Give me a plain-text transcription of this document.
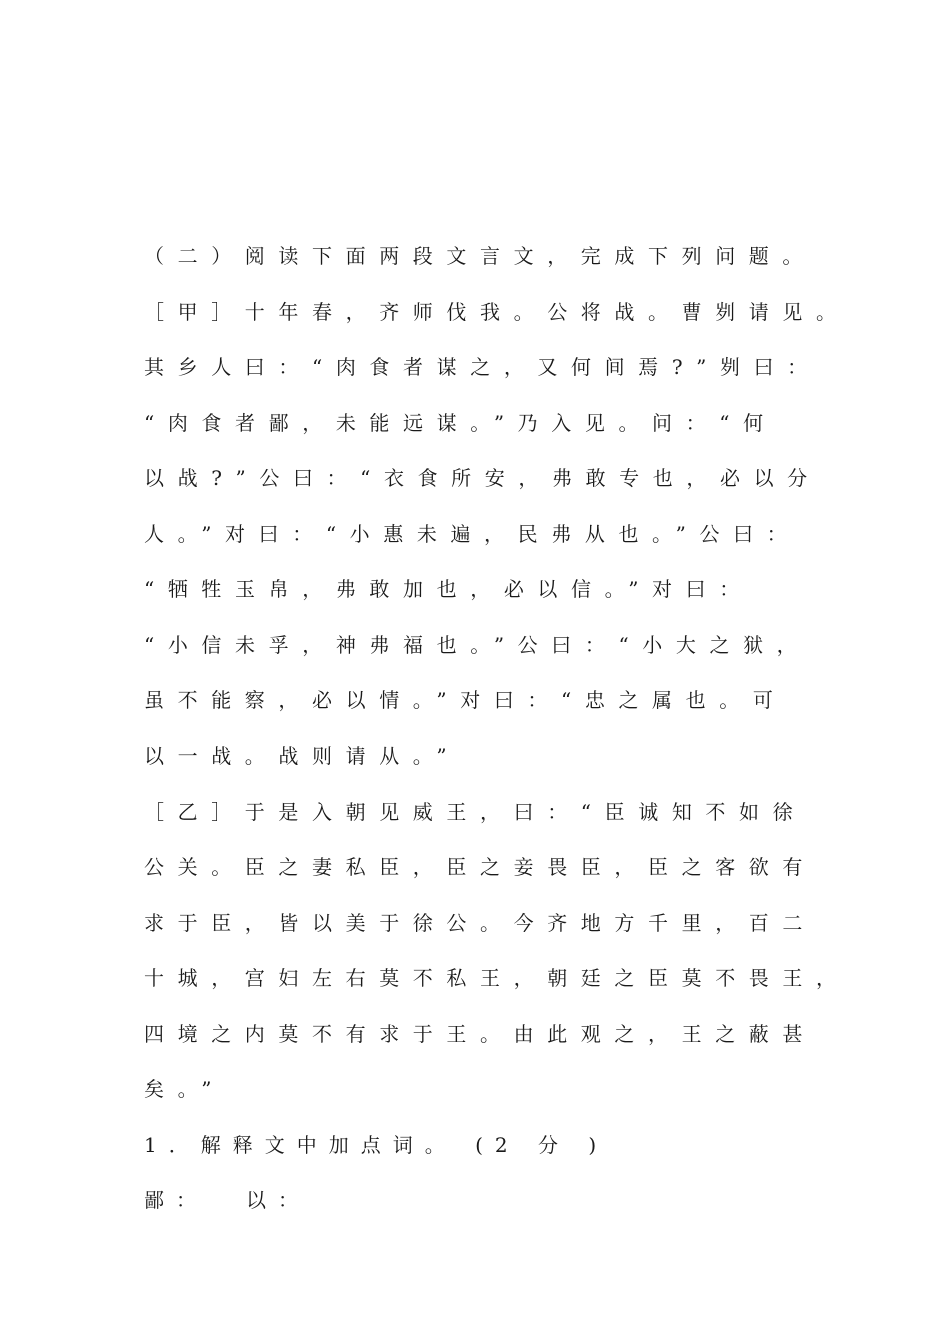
（二）阅读下面两段文言文，完成下列问题。
［甲］十年春，齐师伐我。公将战。曹刿请见。
其乡人曰：“肉食者谋之，又何间焉?”刿曰：
“肉食者鄙，未能远谋。”乃入见。问：“何
以战?”公曰：“衣食所安，弗敢专也，必以分
人。”对曰：“小惠未遍，民弗从也。”公曰：
“牺牲玉帛，弗敢加也，必以信。”对曰：
“小信未孚，神弗福也。”公曰：“小大之狱，
虽不能察，必以情。”对曰：“忠之属也。可
以一战。战则请从。”
［乙］于是入朝见威王，曰：“臣诚知不如徐
公关。臣之妻私臣，臣之妾畏臣，臣之客欲有
求于臣，皆以美于徐公。今齐地方千里，百二
十城，宫妇左右莫不私王，朝廷之臣莫不畏王，
四境之内莫不有求于王。由此观之，王之蔽甚
矣。”
1．解释文中加点词。 (2 分 )
鄙： 以：
